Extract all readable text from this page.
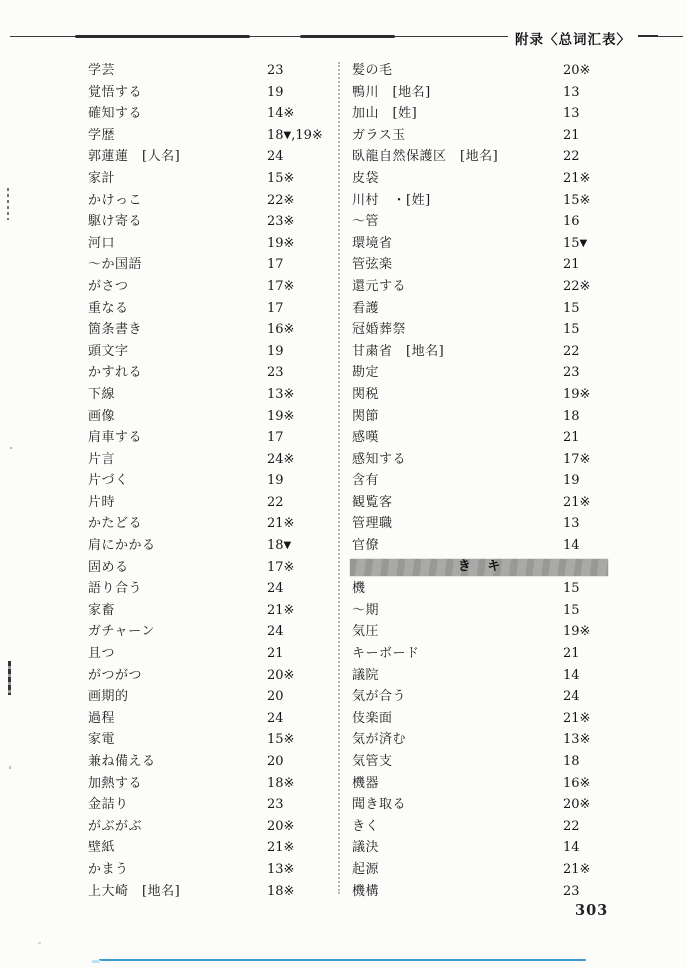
附录〈总词汇表〉
学芸	23
覚悟する	19
確知する	14※
学歴	18▼,19※
郭蓮蓮　[人名]	24
家計	15※
かけっこ	22※
駆け寄る	23※
河口	19※
～か国語	17
がさつ	17※
重なる	17
箇条書き	16※
頭文字	19
かすれる	23
下線	13※
画像	19※
肩車する	17
片言	24※
片づく	19
片時	22
かたどる	21※
肩にかかる	18▼
固める	17※
語り合う	24
家畜	21※
ガチャーン	24
且つ	21
がつがつ	20※
画期的	20
過程	24
家電	15※
兼ね備える	20
加熱する	18※
金詰り	23
がぶがぶ	20※
壁紙	21※
かまう	13※
上大崎　[地名]	18※
髪の毛	20※
鴨川　[地名]	13
加山　[姓]	13
ガラス玉	21
臥龍自然保護区　[地名]	22
皮袋	21※
川村　・[姓]	15※
～管	16
環境省	15▼
管弦楽	21
還元する	22※
看護	15
冠婚葬祭	15
甘粛省　[地名]	22
勘定	23
関税	19※
関節	18
感嘆	21
感知する	17※
含有	19
観覧客	21※
管理職	13
官僚	14
き キ
機	15
～期	15
気圧	19※
キーボード	21
議院	14
気が合う	24
伎楽面	21※
気が済む	13※
気管支	18
機器	16※
聞き取る	20※
きく	22
議決	14
起源	21※
機構	23
303
